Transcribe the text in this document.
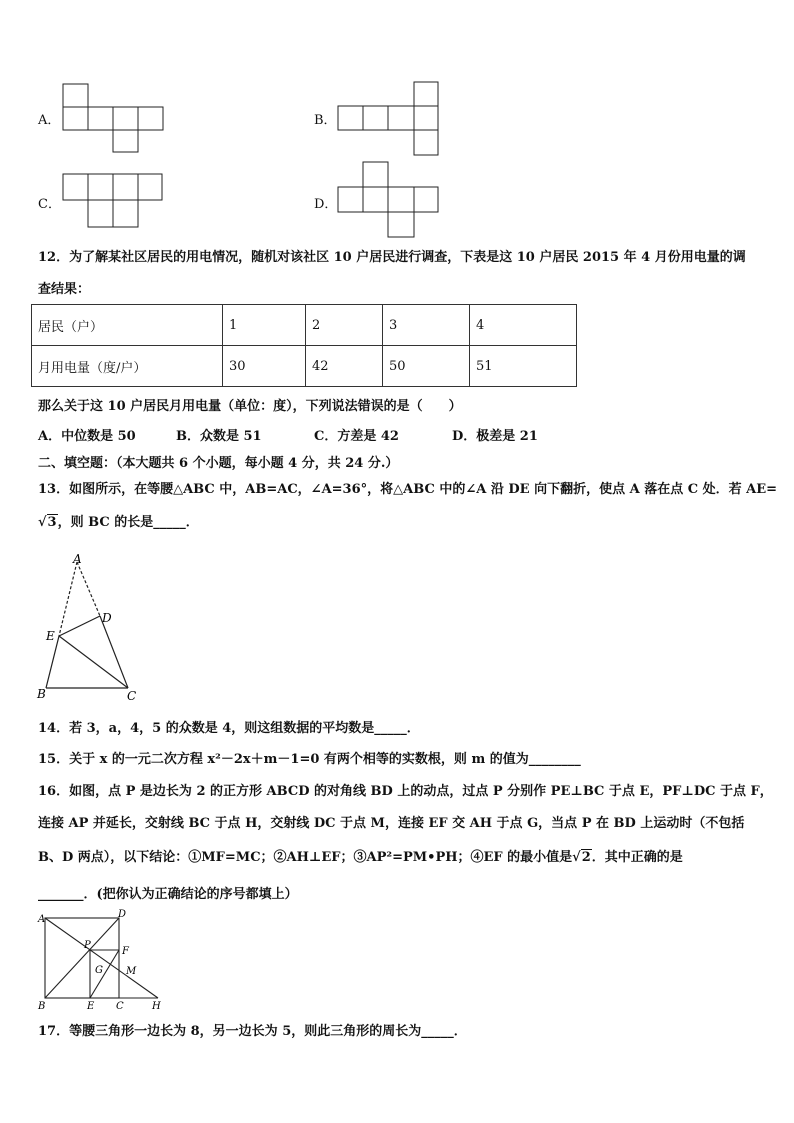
A．	B．
C．	D．
12．为了解某社区居民的用电情况，随机对该社区 10 户居民进行调查，下表是这 10 户居民 2015 年 4 月份用电量的调
查结果：
居民（户）	1	2	3	4
月用电量（度/户）	30	42	50	51
那么关于这 10 户居民月用电量（单位：度），下列说法错误的是（　　）
A．中位数是 50	B．众数是 51	C．方差是 42	D．极差是 21
二、填空题：（本大题共 6 个小题，每小题 4 分，共 24 分.）
13．如图所示，在等腰△ABC 中，AB=AC，∠A=36°，将△ABC 中的∠A 沿 DE 向下翻折，使点 A 落在点 C 处．若 AE=
√3，则 BC 的长是_____．
A
D
E
B	C
14．若 3，a，4，5 的众数是 4，则这组数据的平均数是_____．
15．关于 x 的一元二次方程 x²－2x＋m－1=0 有两个相等的实数根，则 m 的值为________
16．如图，点 P 是边长为 2 的正方形 ABCD 的对角线 BD 上的动点，过点 P 分别作 PE⊥BC 于点 E，PF⊥DC 于点 F，
连接 AP 并延长，交射线 BC 于点 H，交射线 DC 于点 M，连接 EF 交 AH 于点 G，当点 P 在 BD 上运动时（不包括
B、D 两点），以下结论：①MF=MC；②AH⊥EF；③AP²=PM•PH；④EF 的最小值是√2．其中正确的是
_______．(把你认为正确结论的序号都填上）
A	D
P
F
G M
B	E C	H
17．等腰三角形一边长为 8，另一边长为 5，则此三角形的周长为_____．
